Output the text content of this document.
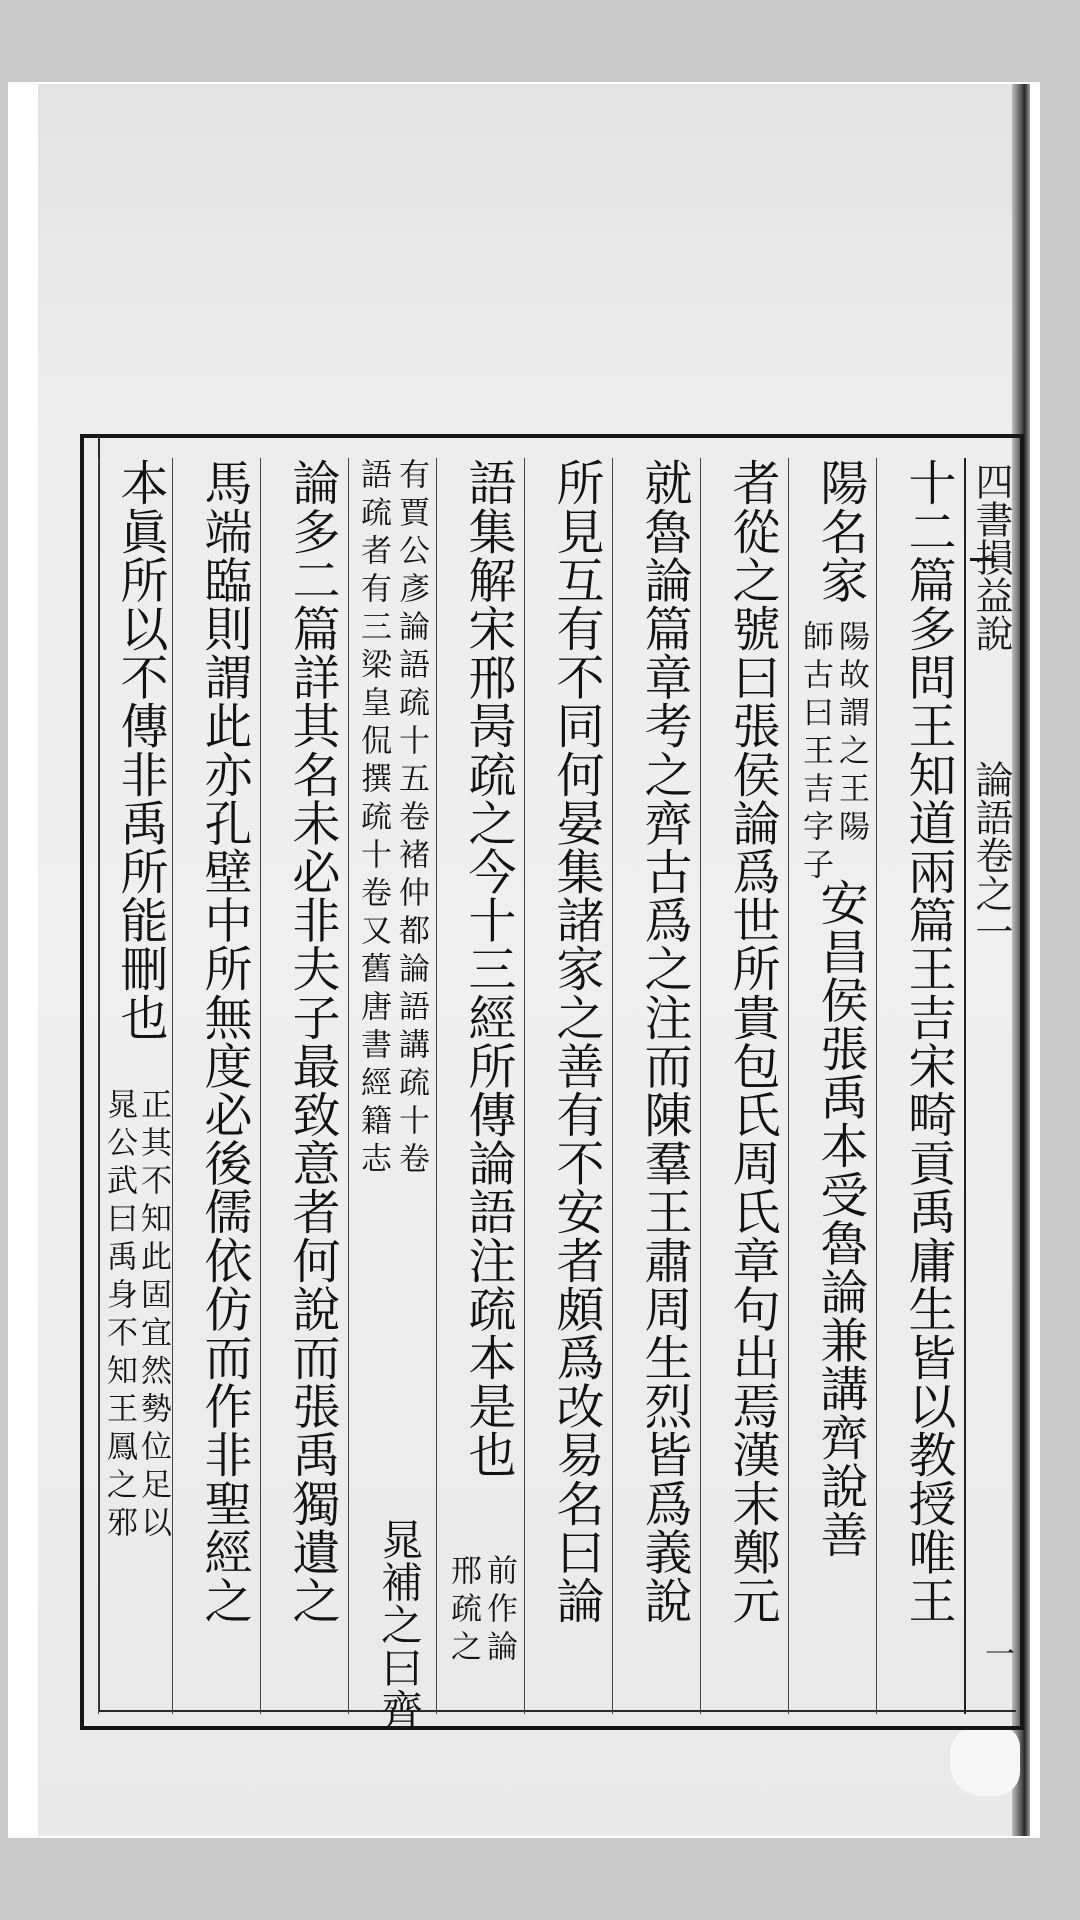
四書損益說  論語卷之一
一
十二篇多問王知道兩篇王吉宋畸貢禹庸生皆以教授唯王
陽名家
師古曰王吉字子 陽故謂之王陽
安昌侯張禹本受魯論兼講齊說善
者從之號曰張侯論爲世所貴包氏周氏章句出焉漢末鄭元
就魯論篇章考之齊古爲之注而陳羣王肅周生烈皆爲義說
所見互有不同何晏集諸家之善有不安者頗爲改易名曰論
語集解宋邢昺疏之今十三經所傳論語注疏本是也
邢疏之 前作論
語疏者有三梁皇侃撰疏十卷又舊唐書經籍志 有賈公彥論語疏十五卷褚仲都論語講疏十卷
晁補之曰齊
論多二篇詳其名未必非夫子最致意者何說而張禹獨遺之
馬端臨則謂此亦孔壁中所無度必後儒依仿而作非聖經之
本眞所以不傳非禹所能刪也
晁公武曰禹身不知王鳳之邪
正其不知此固宜然勢位足以
